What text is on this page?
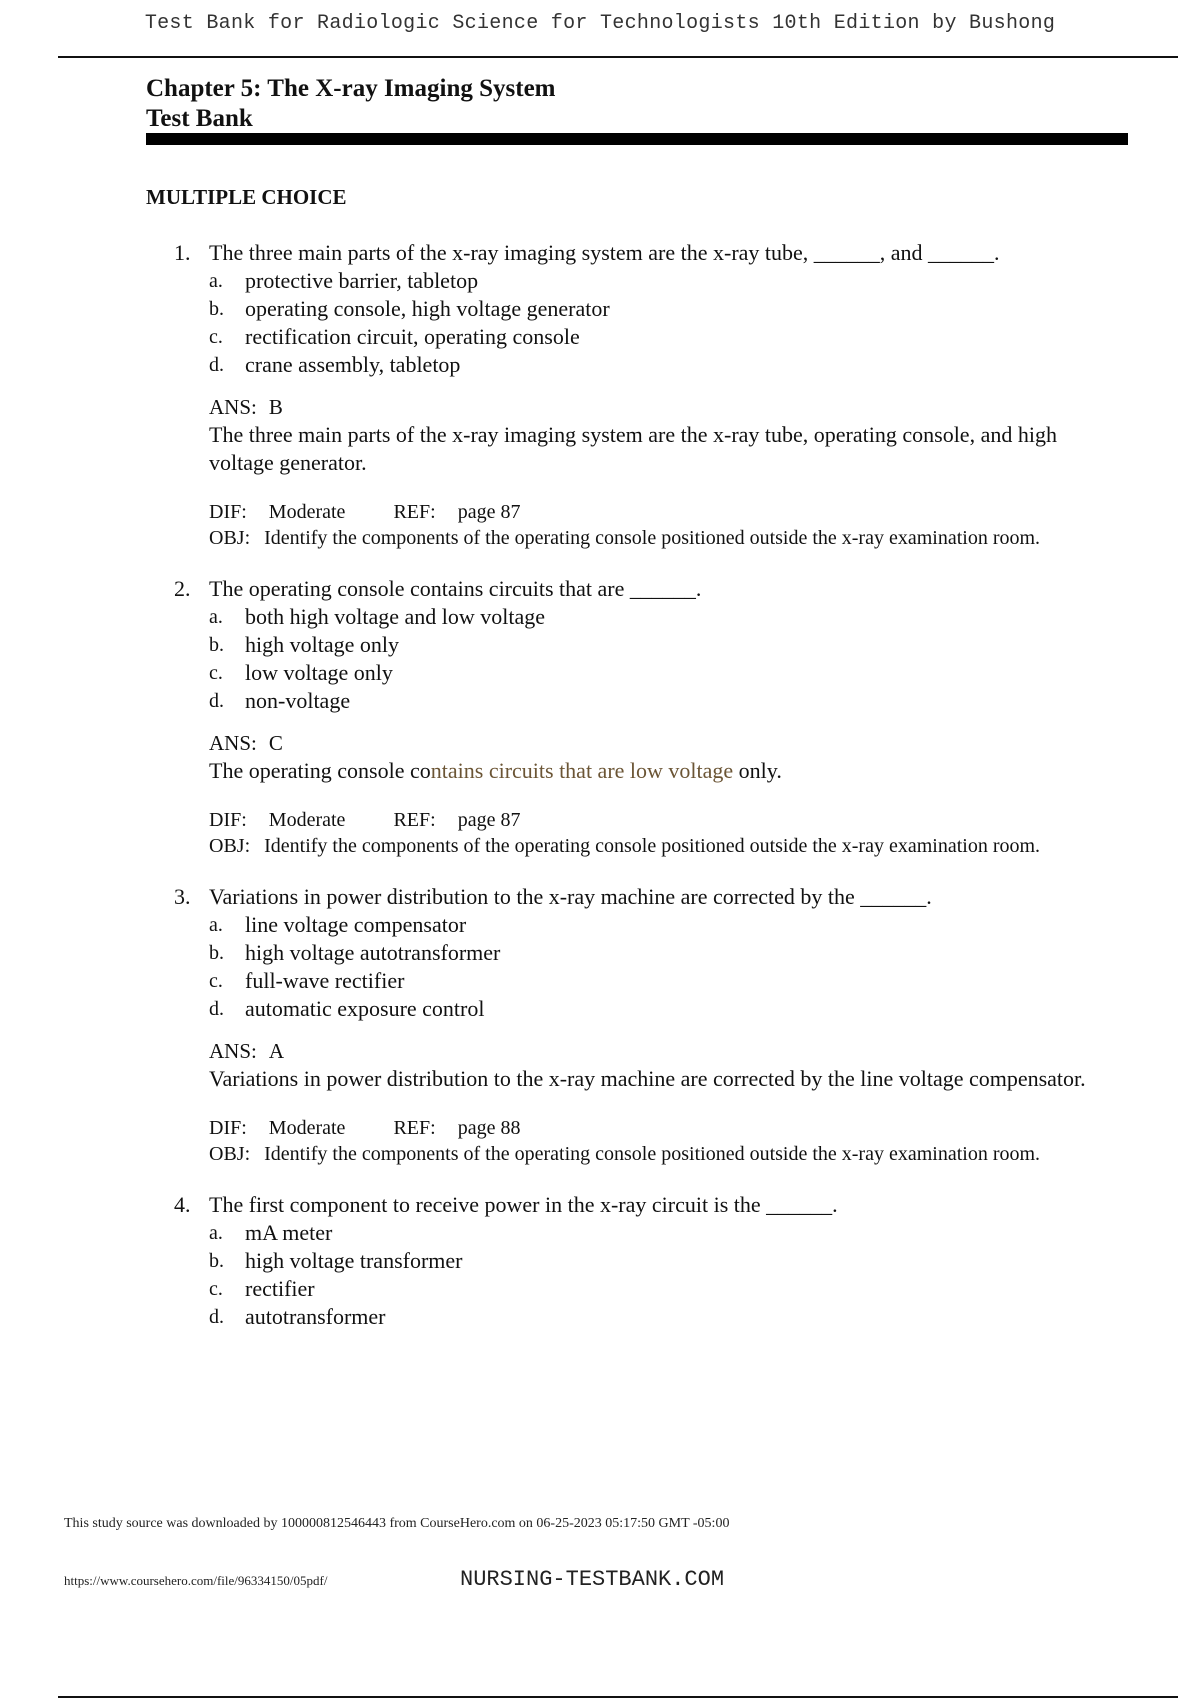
Test Bank for Radiologic Science for Technologists 10th Edition by Bushong
Chapter 5: The X-ray Imaging System
Test Bank
MULTIPLE CHOICE
1. The three main parts of the x-ray imaging system are the x-ray tube, ______, and ______.
a. protective barrier, tabletop
b. operating console, high voltage generator
c. rectification circuit, operating console
d. crane assembly, tabletop
ANS: B
The three main parts of the x-ray imaging system are the x-ray tube, operating console, and high voltage generator.
DIF: Moderate REF: page 87
OBJ: Identify the components of the operating console positioned outside the x-ray examination room.
2. The operating console contains circuits that are ______.
a. both high voltage and low voltage
b. high voltage only
c. low voltage only
d. non-voltage
ANS: C
The operating console contains circuits that are low voltage only.
DIF: Moderate REF: page 87
OBJ: Identify the components of the operating console positioned outside the x-ray examination room.
3. Variations in power distribution to the x-ray machine are corrected by the ______.
a. line voltage compensator
b. high voltage autotransformer
c. full-wave rectifier
d. automatic exposure control
ANS: A
Variations in power distribution to the x-ray machine are corrected by the line voltage compensator.
DIF: Moderate REF: page 88
OBJ: Identify the components of the operating console positioned outside the x-ray examination room.
4. The first component to receive power in the x-ray circuit is the ______.
a. mA meter
b. high voltage transformer
c. rectifier
d. autotransformer
This study source was downloaded by 100000812546443 from CourseHero.com on 06-25-2023 05:17:50 GMT -05:00
https://www.coursehero.com/file/96334150/05pdf/	NURSING-TESTBANK.COM
